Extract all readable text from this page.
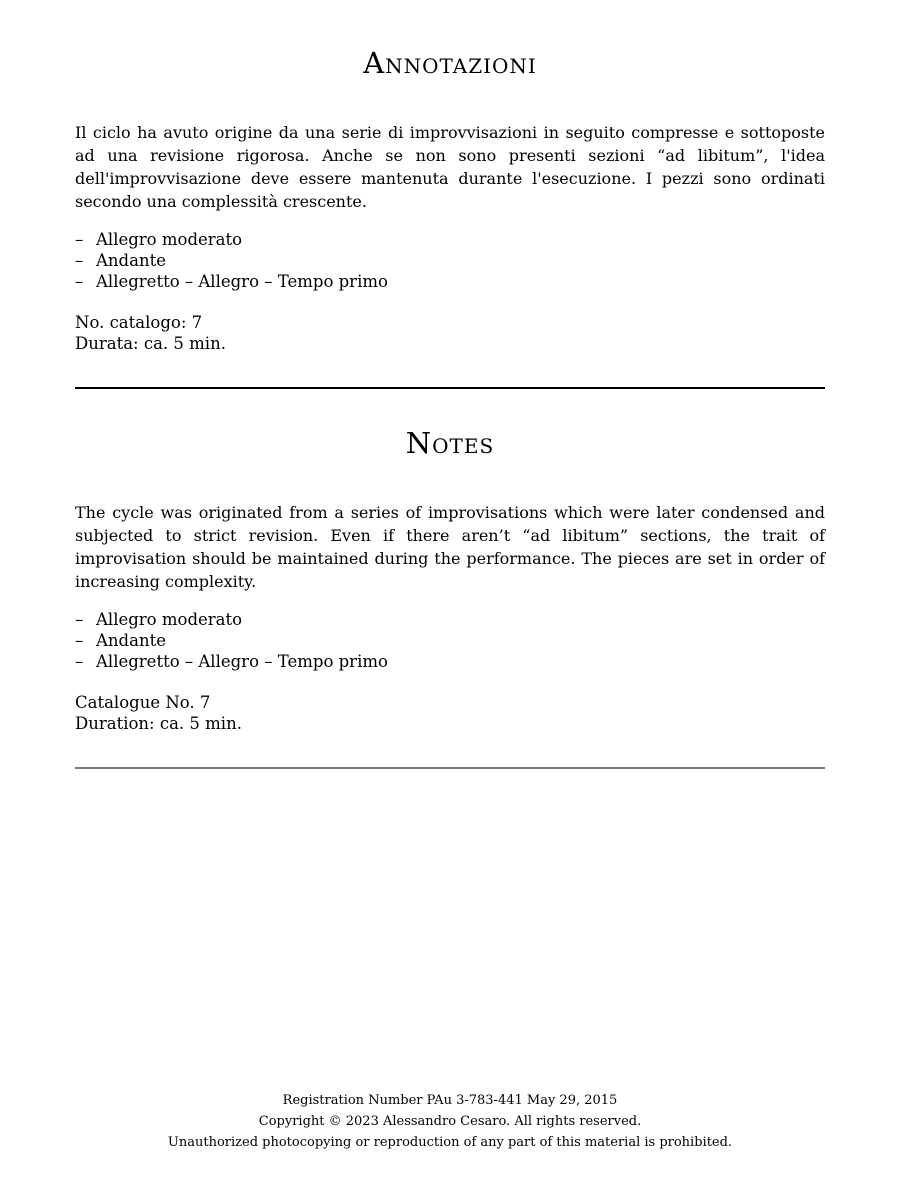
Annotazioni

Il ciclo ha avuto origine da una serie di improvvisazioni in seguito compresse e sottoposte ad una revisione rigorosa. Anche se non sono presenti sezioni “ad libitum”, l'idea dell'improvvisazione deve essere mantenuta durante l'esecuzione. I pezzi sono ordinati secondo una complessità crescente.

– Allegro moderato
– Andante
– Allegretto – Allegro – Tempo primo
No. catalogo: 7
Durata: ca. 5 min.
Notes

The cycle was originated from a series of improvisations which were later condensed and subjected to strict revision. Even if there aren’t “ad libitum” sections, the trait of improvisation should be maintained during the performance. The pieces are set in order of increasing complexity.

– Allegro moderato
– Andante
– Allegretto – Allegro – Tempo primo
Catalogue No. 7
Duration: ca. 5 min.
Registration Number PAu 3-783-441 May 29, 2015
Copyright © 2023 Alessandro Cesaro. All rights reserved.
Unauthorized photocopying or reproduction of any part of this material is prohibited.
